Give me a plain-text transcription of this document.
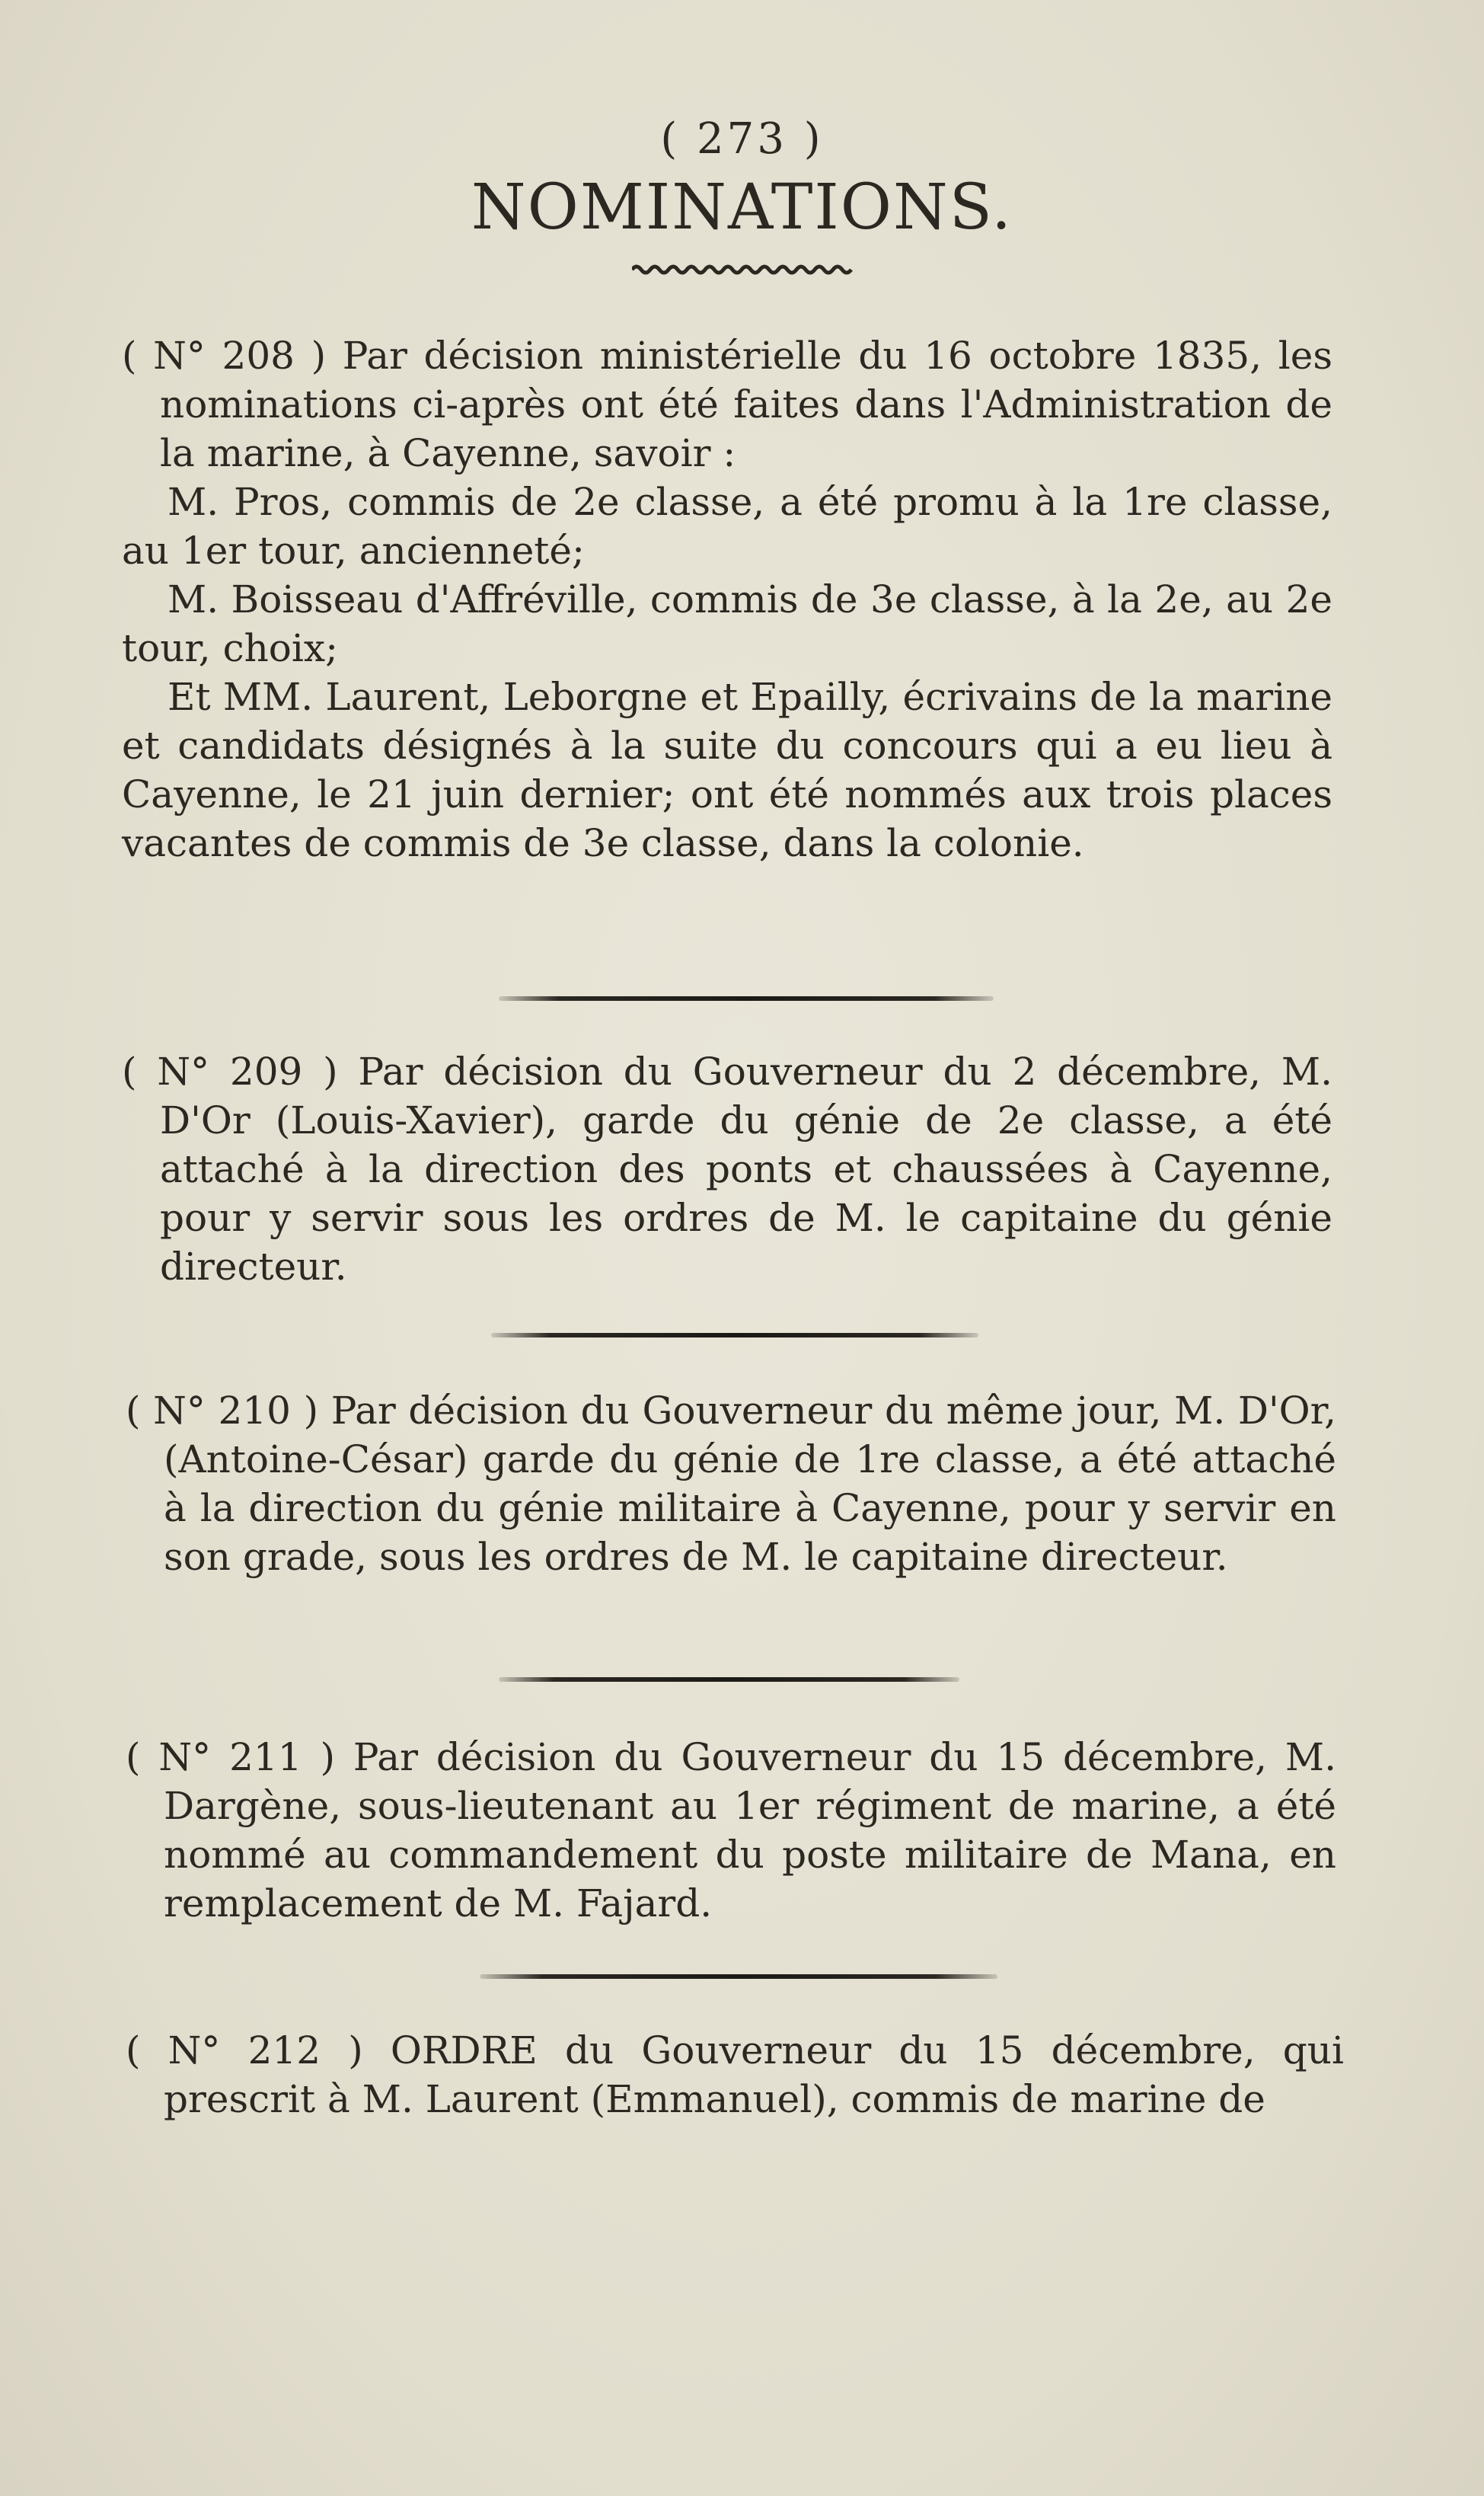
( 273 )
NOMINATIONS.

( N° 208 ) Par décision ministérielle du 16 octobre 1835, les nominations ci-après ont été faites dans l'Administration de la marine, à Cayenne, savoir :

M. Pros, commis de 2e classe, a été promu à la 1re classe, au 1er tour, ancienneté;

M. Boisseau d'Affréville, commis de 3e classe, à la 2e, au 2e tour, choix;

Et MM. Laurent, Leborgne et Epailly, écrivains de la marine et candidats désignés à la suite du concours qui a eu lieu à Cayenne, le 21 juin dernier; ont été nommés aux trois places vacantes de commis de 3e classe, dans la colonie.

( N° 209 ) Par décision du Gouverneur du 2 décembre, M. D'Or (Louis-Xavier), garde du génie de 2e classe, a été attaché à la direction des ponts et chaussées à Cayenne, pour y servir sous les ordres de M. le capitaine du génie directeur.

( N° 210 ) Par décision du Gouverneur du même jour, M. D'Or, (Antoine-César) garde du génie de 1re classe, a été attaché à la direction du génie militaire à Cayenne, pour y servir en son grade, sous les ordres de M. le capitaine directeur.

( N° 211 ) Par décision du Gouverneur du 15 décembre, M. Dargène, sous-lieutenant au 1er régiment de marine, a été nommé au commandement du poste militaire de Mana, en remplacement de M. Fajard.

( N° 212 ) ORDRE du Gouverneur du 15 décembre, qui prescrit à M. Laurent (Emmanuel), commis de marine de
